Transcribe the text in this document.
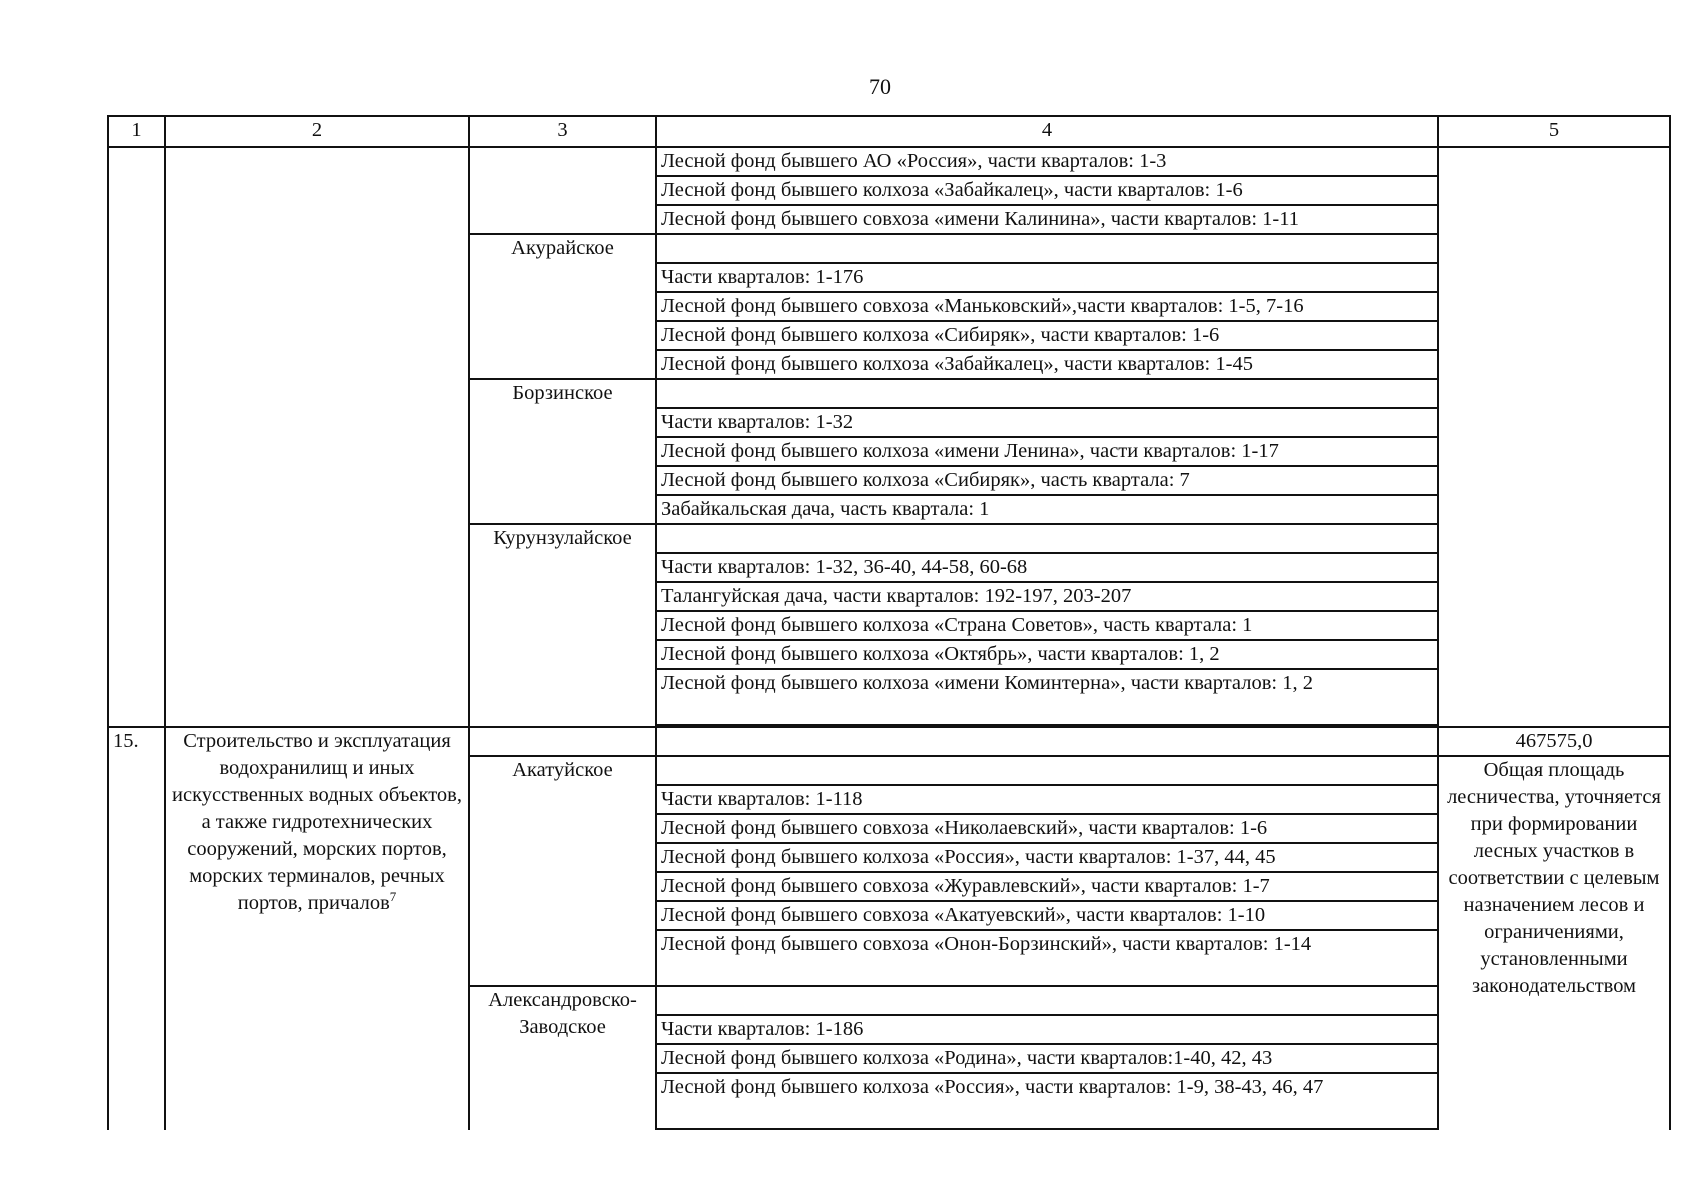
70
1	2	3	4	5
			Лесной фонд бывшего АО «Россия», части кварталов: 1-3	
			Лесной фонд бывшего колхоза «Забайкалец», части кварталов: 1-6	
			Лесной фонд бывшего совхоза «имени Калинина», части кварталов: 1-11	
		Акурайское		
			Части кварталов: 1-176	
			Лесной фонд бывшего совхоза «Маньковский»,части кварталов: 1-5, 7-16	
			Лесной фонд бывшего колхоза «Сибиряк», части кварталов: 1-6	
			Лесной фонд бывшего колхоза «Забайкалец», части кварталов: 1-45	
		Борзинское		
			Части кварталов: 1-32	
			Лесной фонд бывшего колхоза «имени Ленина», части кварталов: 1-17	
			Лесной фонд бывшего колхоза «Сибиряк», часть квартала: 7	
			Забайкальская дача, часть квартала: 1	
		Курунзулайское		
			Части кварталов: 1-32, 36-40, 44-58, 60-68	
			Талангуйская дача, части кварталов: 192-197, 203-207	
			Лесной фонд бывшего колхоза «Страна Советов», часть квартала: 1	
			Лесной фонд бывшего колхоза «Октябрь», части кварталов: 1, 2	
			Лесной фонд бывшего колхоза «имени Коминтерна», части кварталов: 1, 2	

15.	Строительство и эксплуатация водохранилищ и иных искусственных водных объектов, а также гидротехнических сооружений, морских портов, морских терминалов, речных портов, причалов$^7$			467575,0
		Акатуйское		Общая площадь лесничества, уточняется при формировании лесных участков в соответствии с целевым назначением лесов и ограничениями, установленными законодательством
			Части кварталов: 1-118	
			Лесной фонд бывшего совхоза «Николаевский», части кварталов: 1-6	
			Лесной фонд бывшего колхоза «Россия», части кварталов: 1-37, 44, 45	
			Лесной фонд бывшего совхоза «Журавлевский», части кварталов: 1-7	
			Лесной фонд бывшего совхоза «Акатуевский», части кварталов: 1-10	
			Лесной фонд бывшего совхоза «Онон-Борзинский», части кварталов: 1-14	
		Александровско-Заводское		
			Части кварталов: 1-186	
			Лесной фонд бывшего колхоза «Родина», части кварталов:1-40, 42, 43	
			Лесной фонд бывшего колхоза «Россия», части кварталов: 1-9, 38-43, 46, 47	
